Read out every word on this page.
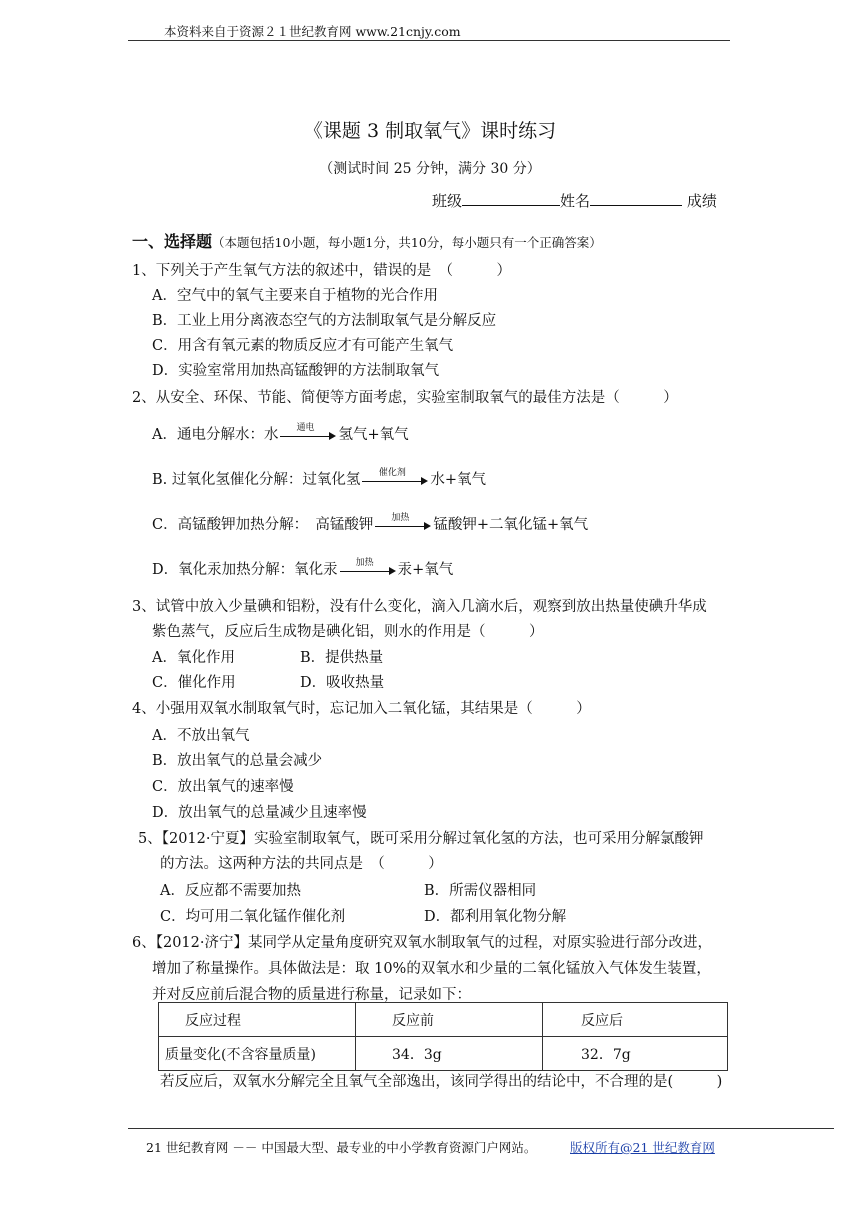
本资料来自于资源２１世纪教育网 www.21cnjy.com
《课题 3 制取氧气》课时练习
（测试时间 25 分钟，满分 30 分）
班级	姓名	成绩
一、选择题（本题包括10小题，每小题1分，共10分，每小题只有一个正确答案）
1、下列关于产生氧气方法的叙述中，错误的是　（　　　）
A．空气中的氧气主要来自于植物的光合作用
B．工业上用分离液态空气的方法制取氧气是分解反应
C．用含有氧元素的物质反应才有可能产生氧气
D．实验室常用加热高锰酸钾的方法制取氧气
2、从安全、环保、节能、简便等方面考虑，实验室制取氧气的最佳方法是（　　　）
A．通电分解水：水	通电	氢气+氧气
B. 过氧化氢催化分解：过氧化氢	催化剂	水+氧气
C．高锰酸钾加热分解：　高锰酸钾	加热	锰酸钾+二氧化锰+氧气
D．氧化汞加热分解：氧化汞	加热	汞+氧气
3、试管中放入少量碘和铝粉，没有什么变化，滴入几滴水后，观察到放出热量使碘升华成
紫色蒸气，反应后生成物是碘化铝，则水的作用是（　　　）
A．氧化作用	B．提供热量
C．催化作用	D．吸收热量
4、小强用双氧水制取氧气时，忘记加入二氧化锰，其结果是（　　　）
A．不放出氧气
B．放出氧气的总量会减少
C．放出氧气的速率慢
D．放出氧气的总量减少且速率慢
5、【2012·宁夏】实验室制取氧气，既可采用分解过氧化氢的方法，也可采用分解氯酸钾
的方法。这两种方法的共同点是　（　　　）
A．反应都不需要加热	B．所需仪器相同
C．均可用二氧化锰作催化剂	D．都利用氧化物分解
6、【2012·济宁】某同学从定量角度研究双氧水制取氧气的过程，对原实验进行部分改进，
增加了称量操作。具体做法是：取 10%的双氧水和少量的二氧化锰放入气体发生装置，
并对反应前后混合物的质量进行称量，记录如下：
反应过程	反应前	反应后
质量变化(不含容量质量)	34．3g	32．7g
若反应后，双氧水分解完全且氧气全部逸出，该同学得出的结论中，不合理的是(　　　)
21 世纪教育网 －－ 中国最大型、最专业的中小学教育资源门户网站。	版权所有@21 世纪教育网
